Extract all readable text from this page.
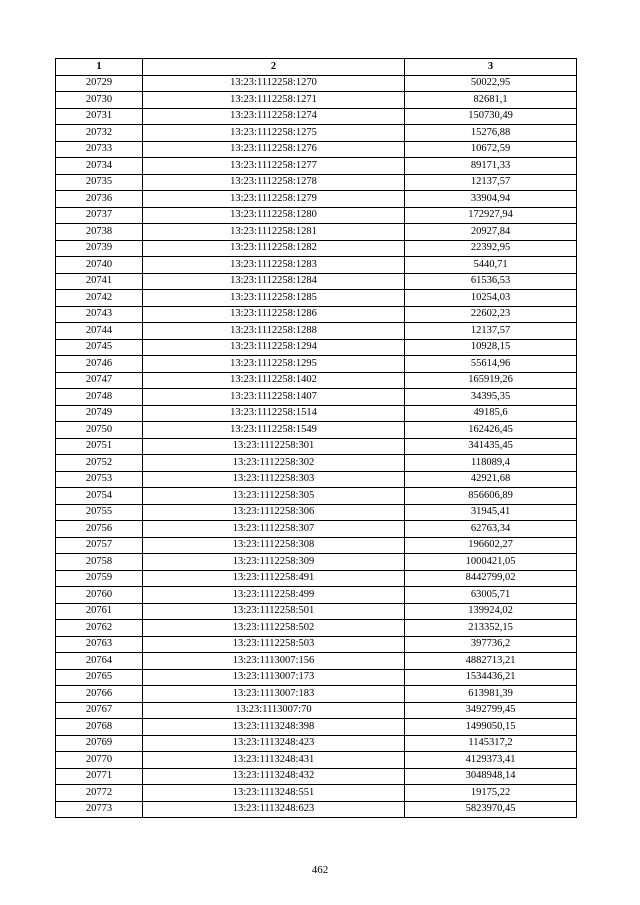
1	2	3
20729	13:23:1112258:1270	50022,95
20730	13:23:1112258:1271	82681,1
20731	13:23:1112258:1274	150730,49
20732	13:23:1112258:1275	15276,88
20733	13:23:1112258:1276	10672,59
20734	13:23:1112258:1277	89171,33
20735	13:23:1112258:1278	12137,57
20736	13:23:1112258:1279	33904,94
20737	13:23:1112258:1280	172927,94
20738	13:23:1112258:1281	20927,84
20739	13:23:1112258:1282	22392,95
20740	13:23:1112258:1283	5440,71
20741	13:23:1112258:1284	61536,53
20742	13:23:1112258:1285	10254,03
20743	13:23:1112258:1286	22602,23
20744	13:23:1112258:1288	12137,57
20745	13:23:1112258:1294	10928,15
20746	13:23:1112258:1295	55614,96
20747	13:23:1112258:1402	165919,26
20748	13:23:1112258:1407	34395,35
20749	13:23:1112258:1514	49185,6
20750	13:23:1112258:1549	162426,45
20751	13:23:1112258:301	341435,45
20752	13:23:1112258:302	118089,4
20753	13:23:1112258:303	42921,68
20754	13:23:1112258:305	856606,89
20755	13:23:1112258:306	31945,41
20756	13:23:1112258:307	62763,34
20757	13:23:1112258:308	196602,27
20758	13:23:1112258:309	1000421,05
20759	13:23:1112258:491	8442799,02
20760	13:23:1112258:499	63005,71
20761	13:23:1112258:501	139924,02
20762	13:23:1112258:502	213352,15
20763	13:23:1112258:503	397736,2
20764	13:23:1113007:156	4882713,21
20765	13:23:1113007:173	1534436,21
20766	13:23:1113007:183	613981,39
20767	13:23:1113007:70	3492799,45
20768	13:23:1113248:398	1499050,15
20769	13:23:1113248:423	1145317,2
20770	13:23:1113248:431	4129373,41
20771	13:23:1113248:432	3048948,14
20772	13:23:1113248:551	19175,22
20773	13:23:1113248:623	5823970,45
462
